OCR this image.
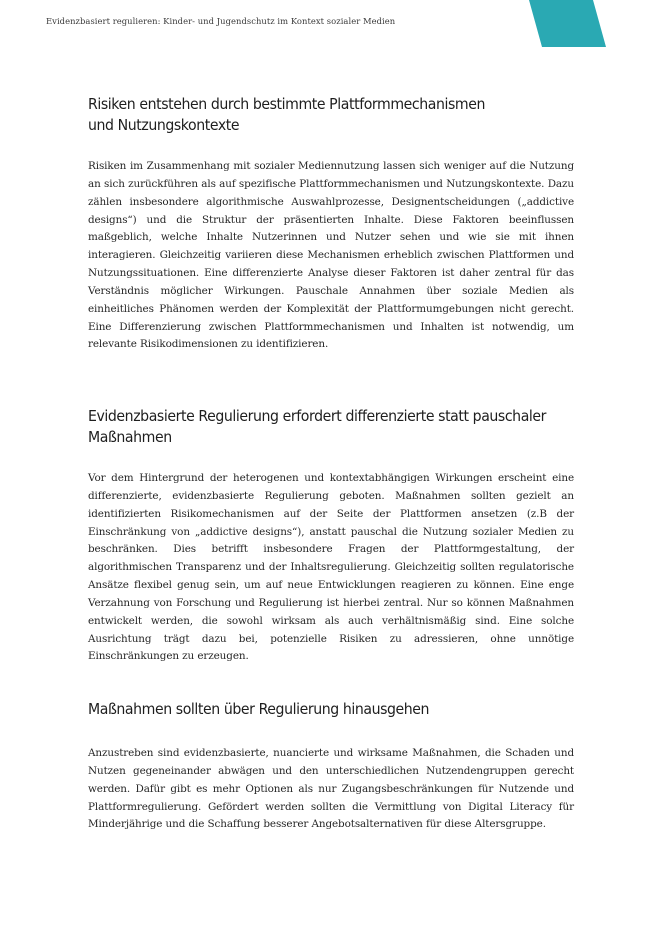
Evidenzbasiert regulieren: Kinder- und Jugendschutz im Kontext sozialer Medien
Risiken entstehen durch bestimmte Plattformmechanismen
und Nutzungskontexte

Risiken im Zusammenhang mit sozialer Mediennutzung lassen sich weniger auf die Nutzung an sich zurückführen als auf spezifische Plattformmechanismen und Nutzungskontexte. Dazu zählen insbesondere algorithmische Auswahlprozesse, Designentscheidungen („addictive designs“) und die Struktur der präsentierten Inhalte. Diese Faktoren beeinflussen maßgeblich, welche Inhalte Nutzerinnen und Nutzer sehen und wie sie mit ihnen interagieren. Gleichzeitig variieren diese Mechanismen erheblich zwischen Plattformen und Nutzungssituationen. Eine differenzierte Analyse dieser Faktoren ist daher zentral für das Verständnis möglicher Wirkungen. Pauschale Annahmen über soziale Medien als einheitliches Phänomen werden der Komplexität der Plattformumgebungen nicht gerecht. Eine Differenzierung zwischen Plattformmechanismen und Inhalten ist notwendig, um relevante Risikodimensionen zu identifizieren.

Evidenzbasierte Regulierung erfordert differenzierte statt pauschaler
Maßnahmen

Vor dem Hintergrund der heterogenen und kontextabhängigen Wirkungen erscheint eine differenzierte, evidenzbasierte Regulierung geboten. Maßnahmen sollten gezielt an identifizierten Risikomechanismen auf der Seite der Plattformen ansetzen (z.B der Einschränkung von „addictive designs“), anstatt pauschal die Nutzung sozialer Medien zu beschränken. Dies betrifft insbesondere Fragen der Plattformgestaltung, der algorithmischen Transparenz und der Inhaltsregulierung. Gleichzeitig sollten regulatorische Ansätze flexibel genug sein, um auf neue Entwicklungen reagieren zu können. Eine enge Verzahnung von Forschung und Regulierung ist hierbei zentral. Nur so können Maßnahmen entwickelt werden, die sowohl wirksam als auch verhältnismäßig sind. Eine solche Ausrichtung trägt dazu bei, potenzielle Risiken zu adressieren, ohne unnötige Einschränkungen zu erzeugen.

Maßnahmen sollten über Regulierung hinausgehen

Anzustreben sind evidenzbasierte, nuancierte und wirksame Maßnahmen, die Schaden und Nutzen gegeneinander abwägen und den unterschiedlichen Nutzendengruppen gerecht werden. Dafür gibt es mehr Optionen als nur Zugangsbeschränkungen für Nutzende und Plattformregulierung. Gefördert werden sollten die Vermittlung von Digital Literacy für Minderjährige und die Schaffung besserer Angebotsalternativen für diese Altersgruppe.
